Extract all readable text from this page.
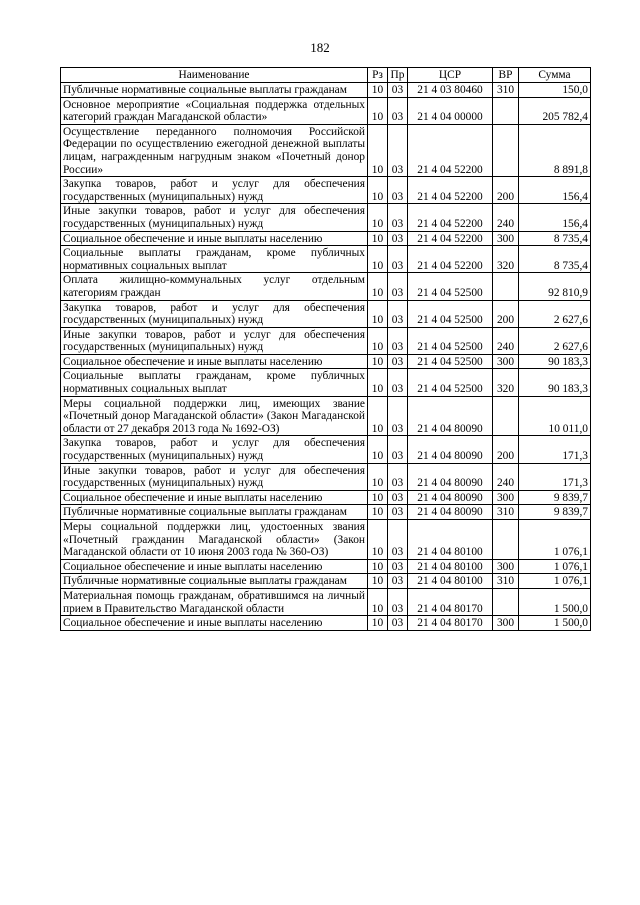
182
Наименование	Рз	Пр	ЦСР	ВР	Сумма
Публичные нормативные социальные выплаты гражданам	10	03	21 4 03 80460	310	150,0
Основное мероприятие «Социальная поддержка отдельных категорий граждан Магаданской области»	10	03	21 4 04 00000		205 782,4
Осуществление переданного полномочия Российской Федерации по осуществлению ежегодной денежной выплаты лицам, награжденным нагрудным знаком «Почетный донор России»	10	03	21 4 04 52200		8 891,8
Закупка товаров, работ и услуг для обеспечения государственных (муниципальных) нужд	10	03	21 4 04 52200	200	156,4
Иные закупки товаров, работ и услуг для обеспечения государственных (муниципальных) нужд	10	03	21 4 04 52200	240	156,4
Социальное обеспечение и иные выплаты населению	10	03	21 4 04 52200	300	8 735,4
Социальные выплаты гражданам, кроме публичных нормативных социальных выплат	10	03	21 4 04 52200	320	8 735,4
Оплата жилищно-коммунальных услуг отдельным категориям граждан	10	03	21 4 04 52500		92 810,9
Закупка товаров, работ и услуг для обеспечения государственных (муниципальных) нужд	10	03	21 4 04 52500	200	2 627,6
Иные закупки товаров, работ и услуг для обеспечения государственных (муниципальных) нужд	10	03	21 4 04 52500	240	2 627,6
Социальное обеспечение и иные выплаты населению	10	03	21 4 04 52500	300	90 183,3
Социальные выплаты гражданам, кроме публичных нормативных социальных выплат	10	03	21 4 04 52500	320	90 183,3
Меры социальной поддержки лиц, имеющих звание «Почетный донор Магаданской области» (Закон Магаданской области от 27 декабря 2013 года № 1692-ОЗ)	10	03	21 4 04 80090		10 011,0
Закупка товаров, работ и услуг для обеспечения государственных (муниципальных) нужд	10	03	21 4 04 80090	200	171,3
Иные закупки товаров, работ и услуг для обеспечения государственных (муниципальных) нужд	10	03	21 4 04 80090	240	171,3
Социальное обеспечение и иные выплаты населению	10	03	21 4 04 80090	300	9 839,7
Публичные нормативные социальные выплаты гражданам	10	03	21 4 04 80090	310	9 839,7
Меры социальной поддержки лиц, удостоенных звания «Почетный гражданин Магаданской области» (Закон Магаданской области от 10 июня 2003 года № 360-ОЗ)	10	03	21 4 04 80100		1 076,1
Социальное обеспечение и иные выплаты населению	10	03	21 4 04 80100	300	1 076,1
Публичные нормативные социальные выплаты гражданам	10	03	21 4 04 80100	310	1 076,1
Материальная помощь гражданам, обратившимся на личный прием в Правительство Магаданской области	10	03	21 4 04 80170		1 500,0
Социальное обеспечение и иные выплаты населению	10	03	21 4 04 80170	300	1 500,0
